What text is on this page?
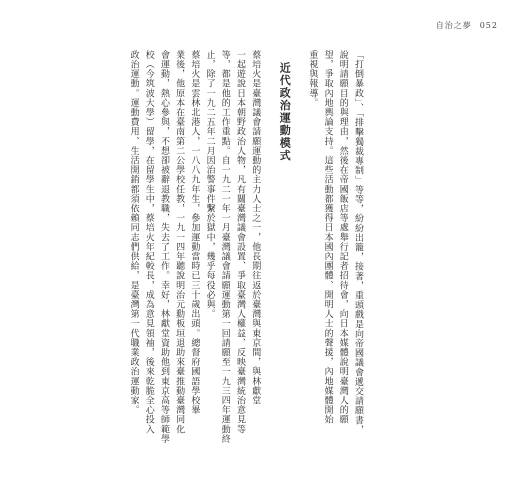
自治之夢 052
「打倒暴政」、「排擊獨裁專制」等等，紛紛出籠，接著，重頭戲是向帝國議會遞交請願書，
說明請願目的與理由，然後在帝國飯店等處舉行記者招待會，向日本媒體說明臺灣人的願
望，爭取內地輿論支持。這些活動都獲得日本國內團體、開明人士的聲援，內地媒體開始
重視與報導。
近代政治運動模式
蔡培火是臺灣議會請願運動的主力人士之一，他長期往返於臺灣與東京間，與林獻堂
一起遊說日本朝野政治人物，凡有關臺灣議會設置、爭取臺灣人權益、反映臺灣統治意見等
等，都是他的工作重點。自一九二一年一月臺灣議會請願運動第一回請願至一九三四年運動終
止，除了一九二五年二月因治警事件繫於獄中，幾乎每役必與。
蔡培火是雲林北港人，一八八九年生，參加運動當時已三十歲出頭。總督府國語學校畢
業後，他原本在臺南第二公學校任教，一九一四年聽說明治元勳板垣退助來臺推動臺灣同化
會運動，熱心參與，不想卻被辭退教職，失去了工作。幸好，林獻堂資助他到東京高等師範學
校（今筑波大學）留學，在留學生中，蔡培火年紀較長，成為意見領袖，後來乾脆全心投入
政治運動。運動費用、生活開銷都須依賴同志們供給，是臺灣第一代職業政治運動家。
